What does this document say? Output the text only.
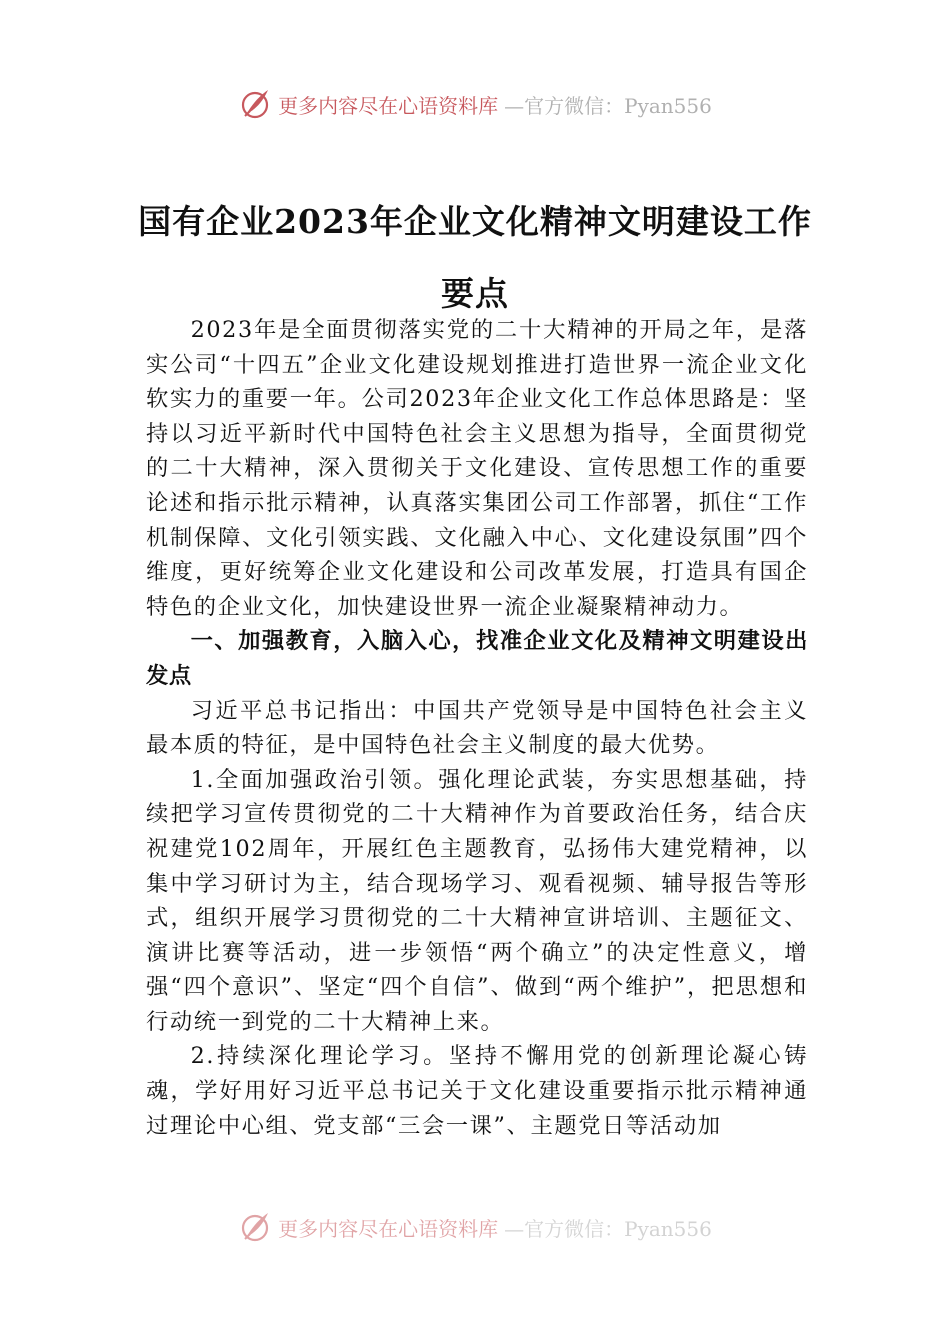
更多内容尽在心语资料库 —官方微信：Pyan556
国有企业2023年企业文化精神文明建设工作要点

2023年是全面贯彻落实党的二十大精神的开局之年，是落实公司“十四五”企业文化建设规划推进打造世界一流企业文化软实力的重要一年。公司2023年企业文化工作总体思路是：坚持以习近平新时代中国特色社会主义思想为指导，全面贯彻党的二十大精神，深入贯彻关于文化建设、宣传思想工作的重要论述和指示批示精神，认真落实集团公司工作部署，抓住“工作机制保障、文化引领实践、文化融入中心、文化建设氛围”四个维度，更好统筹企业文化建设和公司改革发展，打造具有国企特色的企业文化，加快建设世界一流企业凝聚精神动力。

一、加强教育，入脑入心，找准企业文化及精神文明建设出发点

习近平总书记指出：中国共产党领导是中国特色社会主义最本质的特征，是中国特色社会主义制度的最大优势。

1.全面加强政治引领。强化理论武装，夯实思想基础，持续把学习宣传贯彻党的二十大精神作为首要政治任务，结合庆祝建党102周年，开展红色主题教育，弘扬伟大建党精神，以集中学习研讨为主，结合现场学习、观看视频、辅导报告等形式，组织开展学习贯彻党的二十大精神宣讲培训、主题征文、演讲比赛等活动，进一步领悟“两个确立”的决定性意义，增强“四个意识”、坚定“四个自信”、做到“两个维护”，把思想和行动统一到党的二十大精神上来。

2.持续深化理论学习。坚持不懈用党的创新理论凝心铸魂，学好用好习近平总书记关于文化建设重要指示批示精神通过理论中心组、党支部“三会一课”、主题党日等活动加

更多内容尽在心语资料库 —官方微信：Pyan556
